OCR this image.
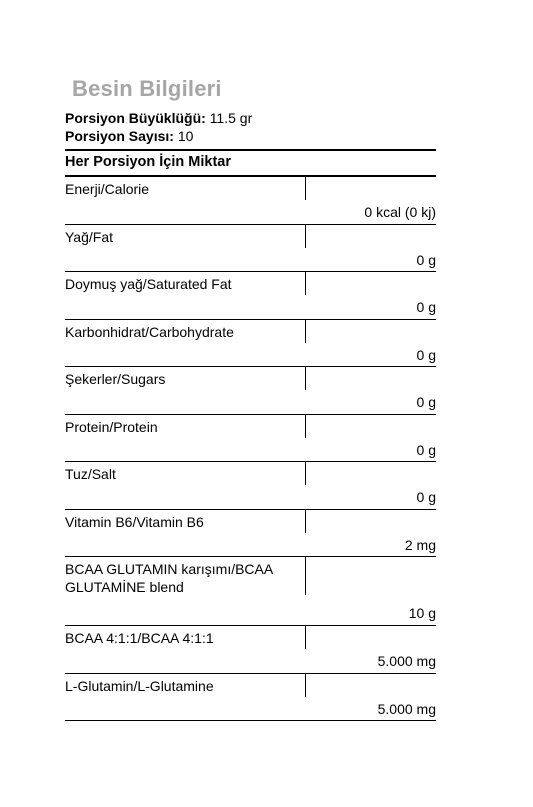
Besin Bilgileri
Porsiyon Büyüklüğü: 11.5 gr
Porsiyon Sayısı: 10
Her Porsiyon İçin Miktar
Enerji/Calorie
0 kcal (0 kj)
Yağ/Fat
0 g
Doymuş yağ/Saturated Fat
0 g
Karbonhidrat/Carbohydrate
0 g
Şekerler/Sugars
0 g
Protein/Protein
0 g
Tuz/Salt
0 g
Vitamin B6/Vitamin B6
2 mg
BCAA GLUTAMIN karışımı/BCAA GLUTAMİNE blend
10 g
BCAA 4:1:1/BCAA 4:1:1
5.000 mg
L-Glutamin/L-Glutamine
5.000 mg
